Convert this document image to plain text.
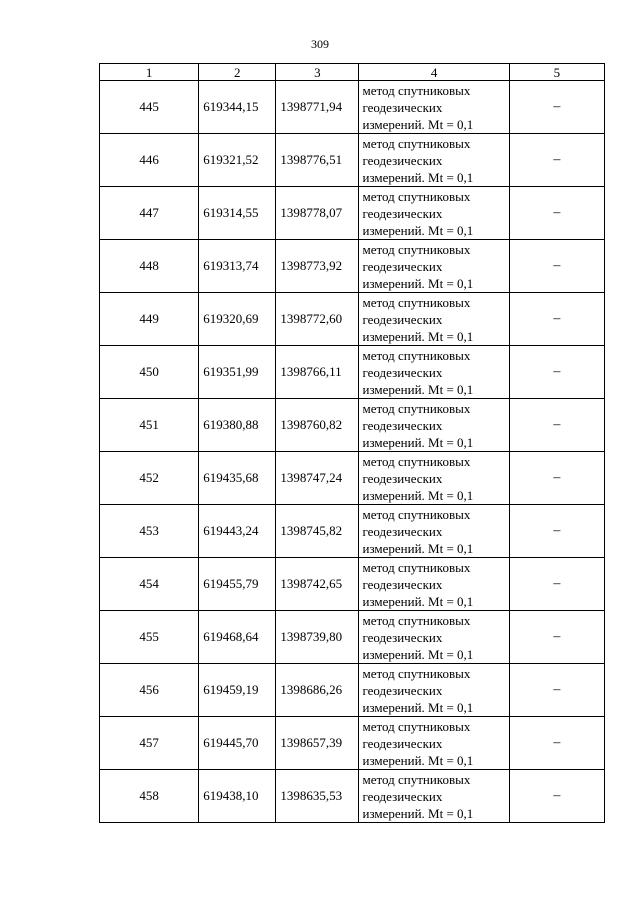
309
1	2	3	4	5
445	619344,15	1398771,94	метод спутниковых
геодезических
измерений. Mt = 0,1	–
446	619321,52	1398776,51	метод спутниковых
геодезических
измерений. Mt = 0,1	–
447	619314,55	1398778,07	метод спутниковых
геодезических
измерений. Mt = 0,1	–
448	619313,74	1398773,92	метод спутниковых
геодезических
измерений. Mt = 0,1	–
449	619320,69	1398772,60	метод спутниковых
геодезических
измерений. Mt = 0,1	–
450	619351,99	1398766,11	метод спутниковых
геодезических
измерений. Mt = 0,1	–
451	619380,88	1398760,82	метод спутниковых
геодезических
измерений. Mt = 0,1	–
452	619435,68	1398747,24	метод спутниковых
геодезических
измерений. Mt = 0,1	–
453	619443,24	1398745,82	метод спутниковых
геодезических
измерений. Mt = 0,1	–
454	619455,79	1398742,65	метод спутниковых
геодезических
измерений. Mt = 0,1	–
455	619468,64	1398739,80	метод спутниковых
геодезических
измерений. Mt = 0,1	–
456	619459,19	1398686,26	метод спутниковых
геодезических
измерений. Mt = 0,1	–
457	619445,70	1398657,39	метод спутниковых
геодезических
измерений. Mt = 0,1	–
458	619438,10	1398635,53	метод спутниковых
геодезических
измерений. Mt = 0,1	–
